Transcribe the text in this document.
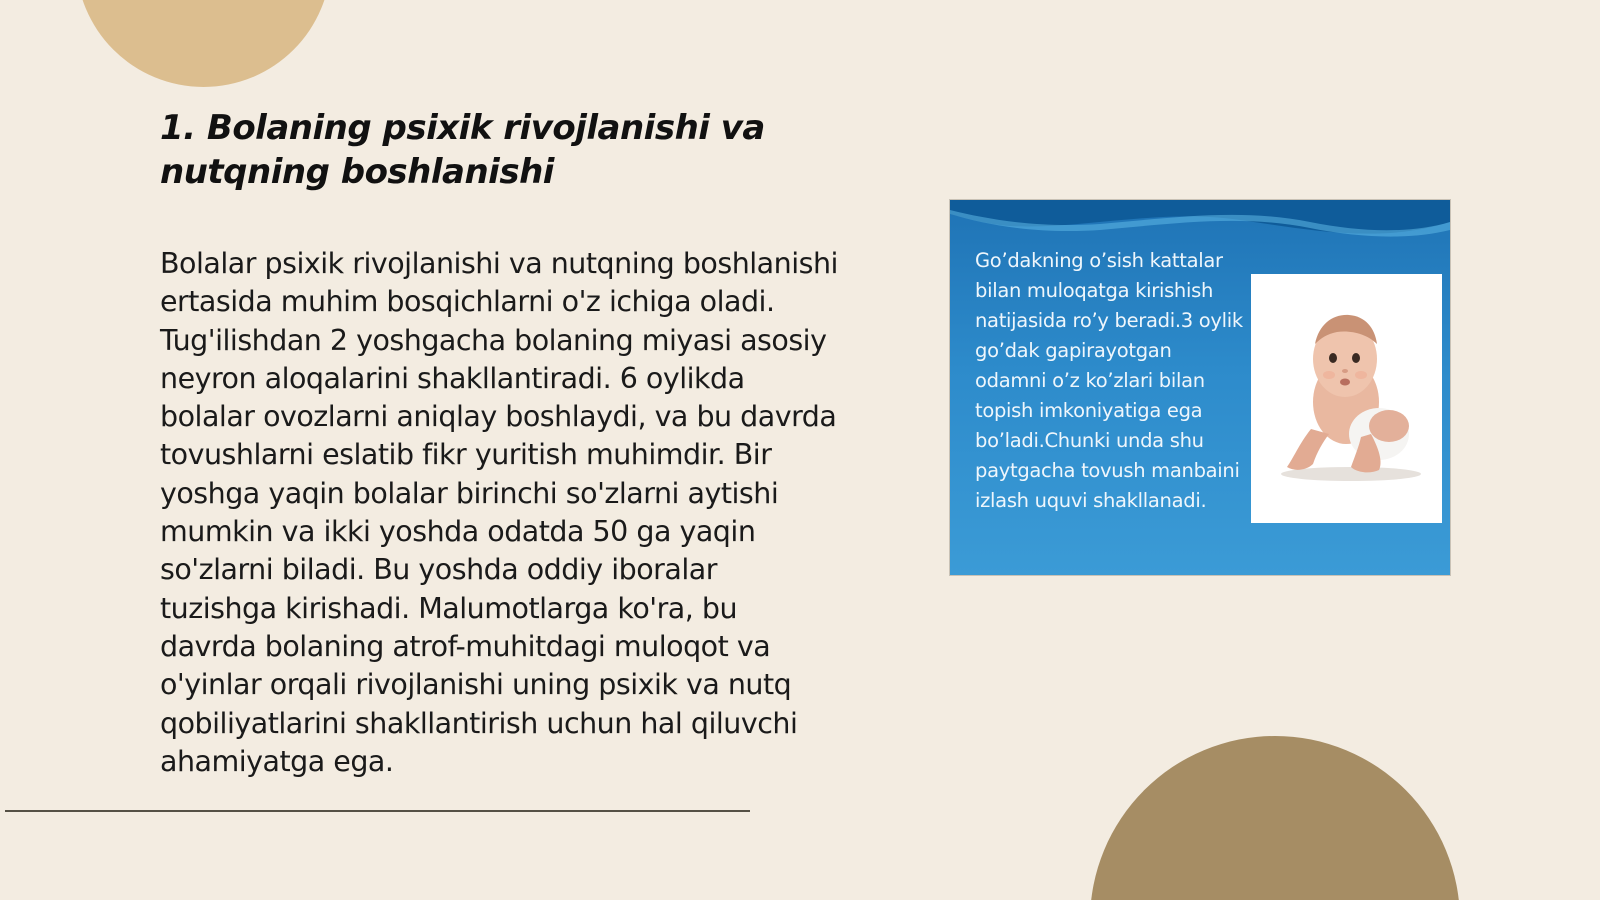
1. Bolaning psixik rivojlanishi va nutqning boshlanishi

Bolalar psixik rivojlanishi va nutqning boshlanishi ertasida muhim bosqichlarni o'z ichiga oladi. Tug'ilishdan 2 yoshgacha bolaning miyasi asosiy neyron aloqalarini shakllantiradi. 6 oylikda bolalar ovozlarni aniqlay boshlaydi, va bu davrda tovushlarni eslatib fikr yuritish muhimdir. Bir yoshga yaqin bolalar birinchi so'zlarni aytishi mumkin va ikki yoshda odatda 50 ga yaqin so'zlarni biladi. Bu yoshda oddiy iboralar tuzishga kirishadi. Malumotlarga ko'ra, bu davrda bolaning atrof-muhitdagi muloqot va o'yinlar orqali rivojlanishi uning psixik va nutq qobiliyatlarini shakllantirish uchun hal qiluvchi ahamiyatga ega.

Go’dakning o’sish kattalar bilan muloqatga kirishish natijasida ro’y beradi.3 oylik go’dak gapirayotgan odamni o’z ko’zlari bilan topish imkoniyatiga ega bo’ladi.Chunki unda shu paytgacha tovush manbaini izlash uquvi shakllanadi.
